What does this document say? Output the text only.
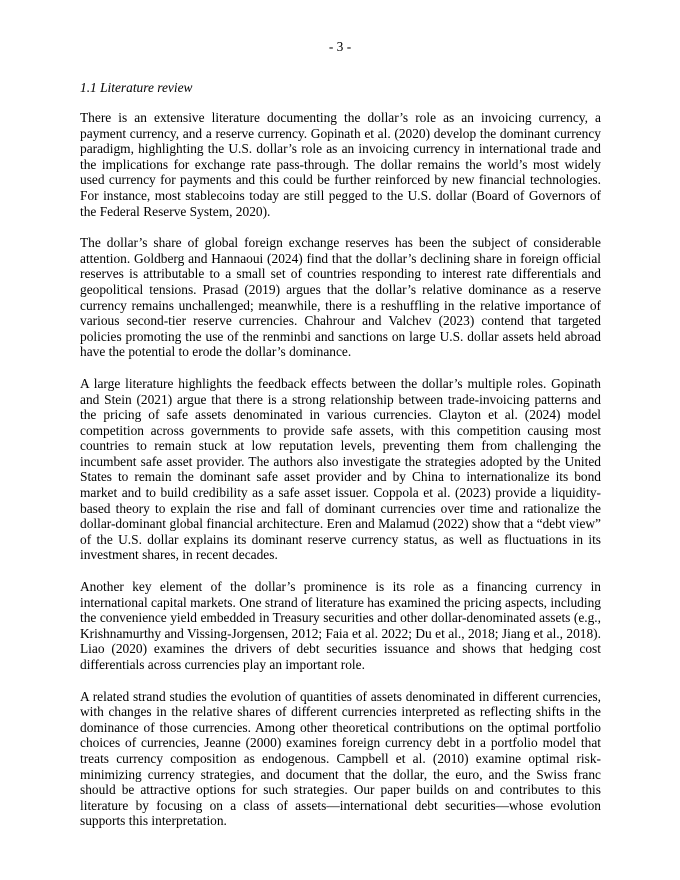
- 3 -
1.1 Literature review

There is an extensive literature documenting the dollar’s role as an invoicing currency, a payment currency, and a reserve currency. Gopinath et al. (2020) develop the dominant currency paradigm, highlighting the U.S. dollar’s role as an invoicing currency in international trade and the implications for exchange rate pass-through. The dollar remains the world’s most widely used currency for payments and this could be further reinforced by new financial technologies. For instance, most stablecoins today are still pegged to the U.S. dollar (Board of Governors of the Federal Reserve System, 2020).

The dollar’s share of global foreign exchange reserves has been the subject of considerable attention. Goldberg and Hannaoui (2024) find that the dollar’s declining share in foreign official reserves is attributable to a small set of countries responding to interest rate differentials and geopolitical tensions. Prasad (2019) argues that the dollar’s relative dominance as a reserve currency remains unchallenged; meanwhile, there is a reshuffling in the relative importance of various second-tier reserve currencies. Chahrour and Valchev (2023) contend that targeted policies promoting the use of the renminbi and sanctions on large U.S. dollar assets held abroad have the potential to erode the dollar’s dominance.

A large literature highlights the feedback effects between the dollar’s multiple roles. Gopinath and Stein (2021) argue that there is a strong relationship between trade-invoicing patterns and the pricing of safe assets denominated in various currencies. Clayton et al. (2024) model competition across governments to provide safe assets, with this competition causing most countries to remain stuck at low reputation levels, preventing them from challenging the incumbent safe asset provider. The authors also investigate the strategies adopted by the United States to remain the dominant safe asset provider and by China to internationalize its bond market and to build credibility as a safe asset issuer. Coppola et al. (2023) provide a liquidity-based theory to explain the rise and fall of dominant currencies over time and rationalize the dollar-dominant global financial architecture. Eren and Malamud (2022) show that a “debt view” of the U.S. dollar explains its dominant reserve currency status, as well as fluctuations in its investment shares, in recent decades.

Another key element of the dollar’s prominence is its role as a financing currency in international capital markets. One strand of literature has examined the pricing aspects, including the convenience yield embedded in Treasury securities and other dollar-denominated assets (e.g., Krishnamurthy and Vissing-Jorgensen, 2012; Faia et al. 2022; Du et al., 2018; Jiang et al., 2018). Liao (2020) examines the drivers of debt securities issuance and shows that hedging cost differentials across currencies play an important role.

A related strand studies the evolution of quantities of assets denominated in different currencies, with changes in the relative shares of different currencies interpreted as reflecting shifts in the dominance of those currencies. Among other theoretical contributions on the optimal portfolio choices of currencies, Jeanne (2000) examines foreign currency debt in a portfolio model that treats currency composition as endogenous. Campbell et al. (2010) examine optimal risk-minimizing currency strategies, and document that the dollar, the euro, and the Swiss franc should be attractive options for such strategies. Our paper builds on and contributes to this literature by focusing on a class of assets—international debt securities—whose evolution supports this interpretation.
